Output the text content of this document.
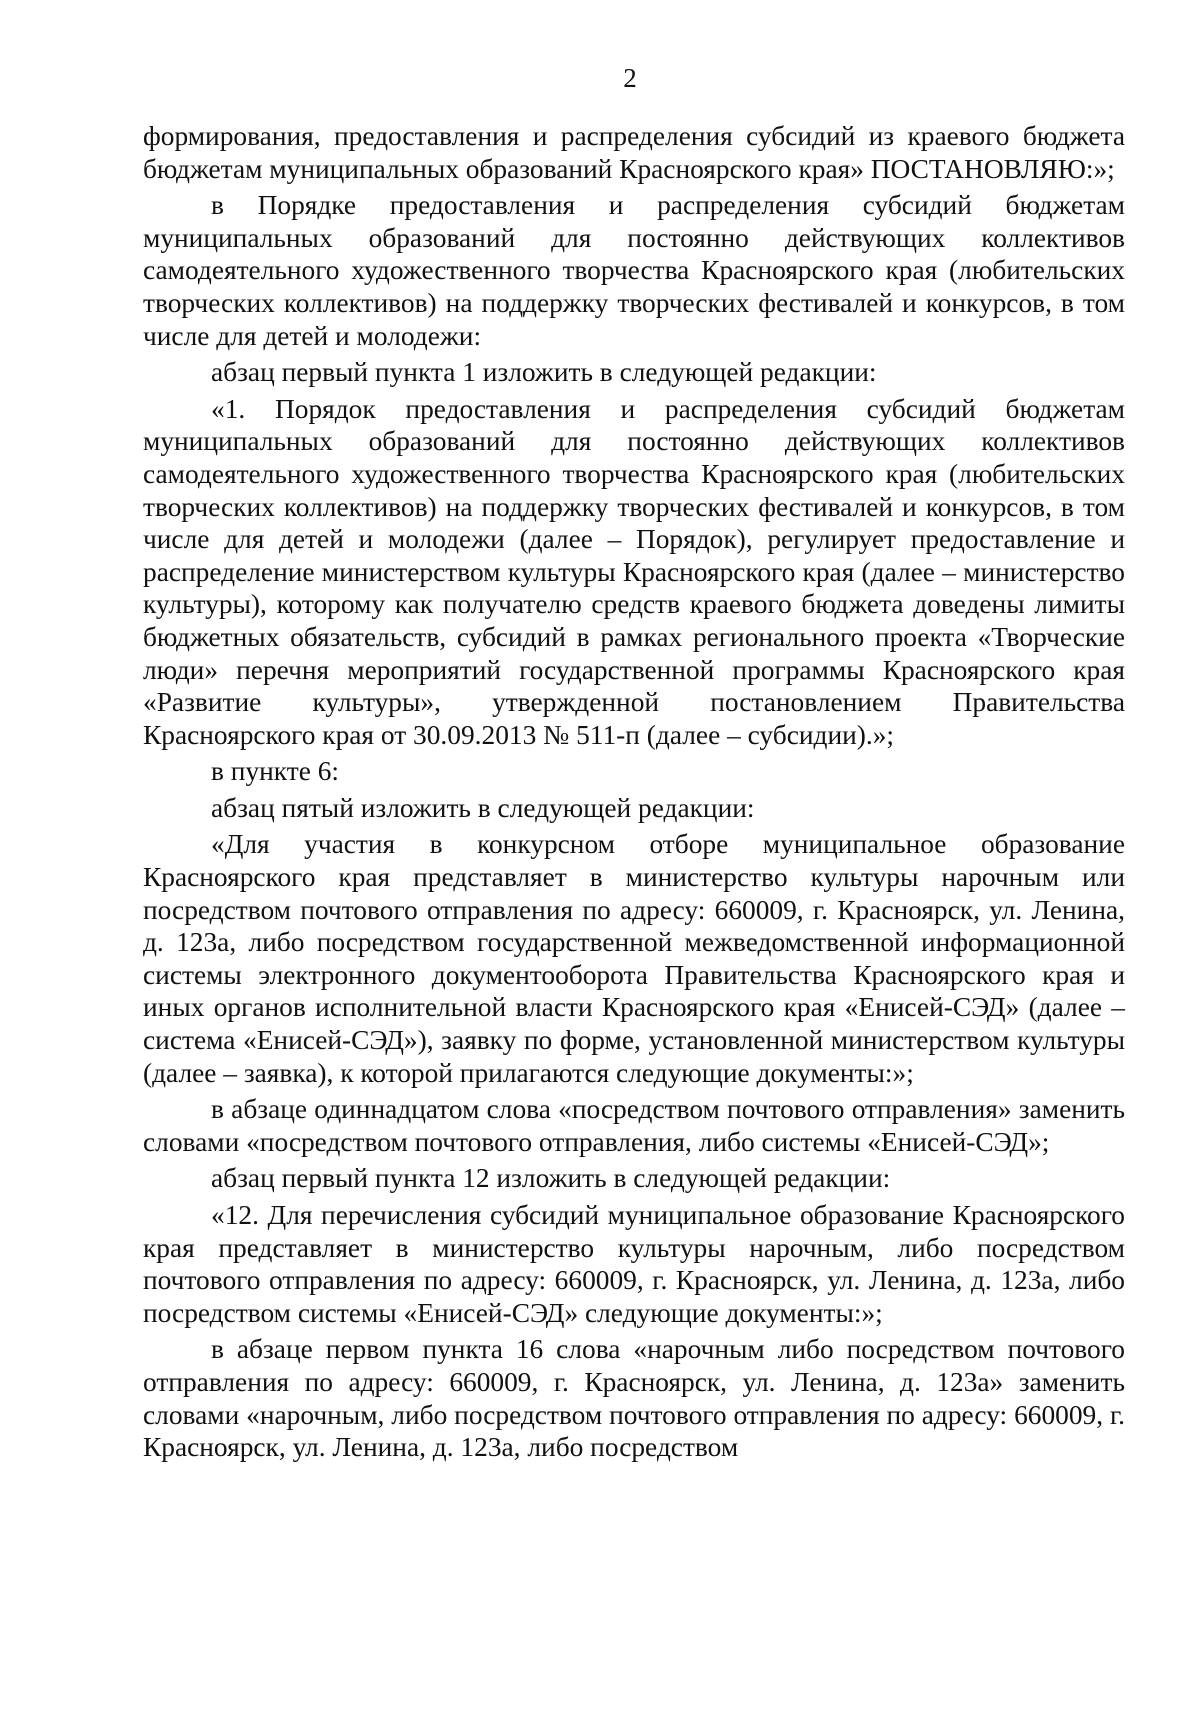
2

формирования, предоставления и распределения субсидий из краевого бюджета бюджетам муниципальных образований Красноярского края» ПОСТАНОВЛЯЮ:»;

в Порядке предоставления и распределения субсидий бюджетам муниципальных образований для постоянно действующих коллективов самодеятельного художественного творчества Красноярского края (любительских творческих коллективов) на поддержку творческих фестивалей и конкурсов, в том числе для детей и молодежи:

абзац первый пункта 1 изложить в следующей редакции:

«1. Порядок предоставления и распределения субсидий бюджетам муниципальных образований для постоянно действующих коллективов самодеятельного художественного творчества Красноярского края (любительских творческих коллективов) на поддержку творческих фестивалей и конкурсов, в том числе для детей и молодежи (далее – Порядок), регулирует предоставление и распределение министерством культуры Красноярского края (далее – министерство культуры), которому как получателю средств краевого бюджета доведены лимиты бюджетных обязательств, субсидий в рамках регионального проекта «Творческие люди» перечня мероприятий государственной программы Красноярского края «Развитие культуры», утвержденной постановлением Правительства Красноярского края от 30.09.2013 № 511-п (далее – субсидии).»;

в пункте 6:

абзац пятый изложить в следующей редакции:

«Для участия в конкурсном отборе муниципальное образование Красноярского края представляет в министерство культуры нарочным или посредством почтового отправления по адресу: 660009, г. Красноярск, ул. Ленина, д. 123а, либо посредством государственной межведомственной информационной системы электронного документооборота Правительства Красноярского края и иных органов исполнительной власти Красноярского края «Енисей-СЭД» (далее – система «Енисей-СЭД»), заявку по форме, установленной министерством культуры (далее – заявка), к которой прилагаются следующие документы:»;

в абзаце одиннадцатом слова «посредством почтового отправления» заменить словами «посредством почтового отправления, либо системы «Енисей-СЭД»;

абзац первый пункта 12 изложить в следующей редакции:

«12. Для перечисления субсидий муниципальное образование Красноярского края представляет в министерство культуры нарочным, либо посредством почтового отправления по адресу: 660009, г. Красноярск, ул. Ленина, д. 123а, либо посредством системы «Енисей-СЭД» следующие документы:»;

в абзаце первом пункта 16 слова «нарочным либо посредством почтового отправления по адресу: 660009, г. Красноярск, ул. Ленина, д. 123а» заменить словами «нарочным, либо посредством почтового отправления по адресу: 660009, г. Красноярск, ул. Ленина, д. 123а, либо посредством
